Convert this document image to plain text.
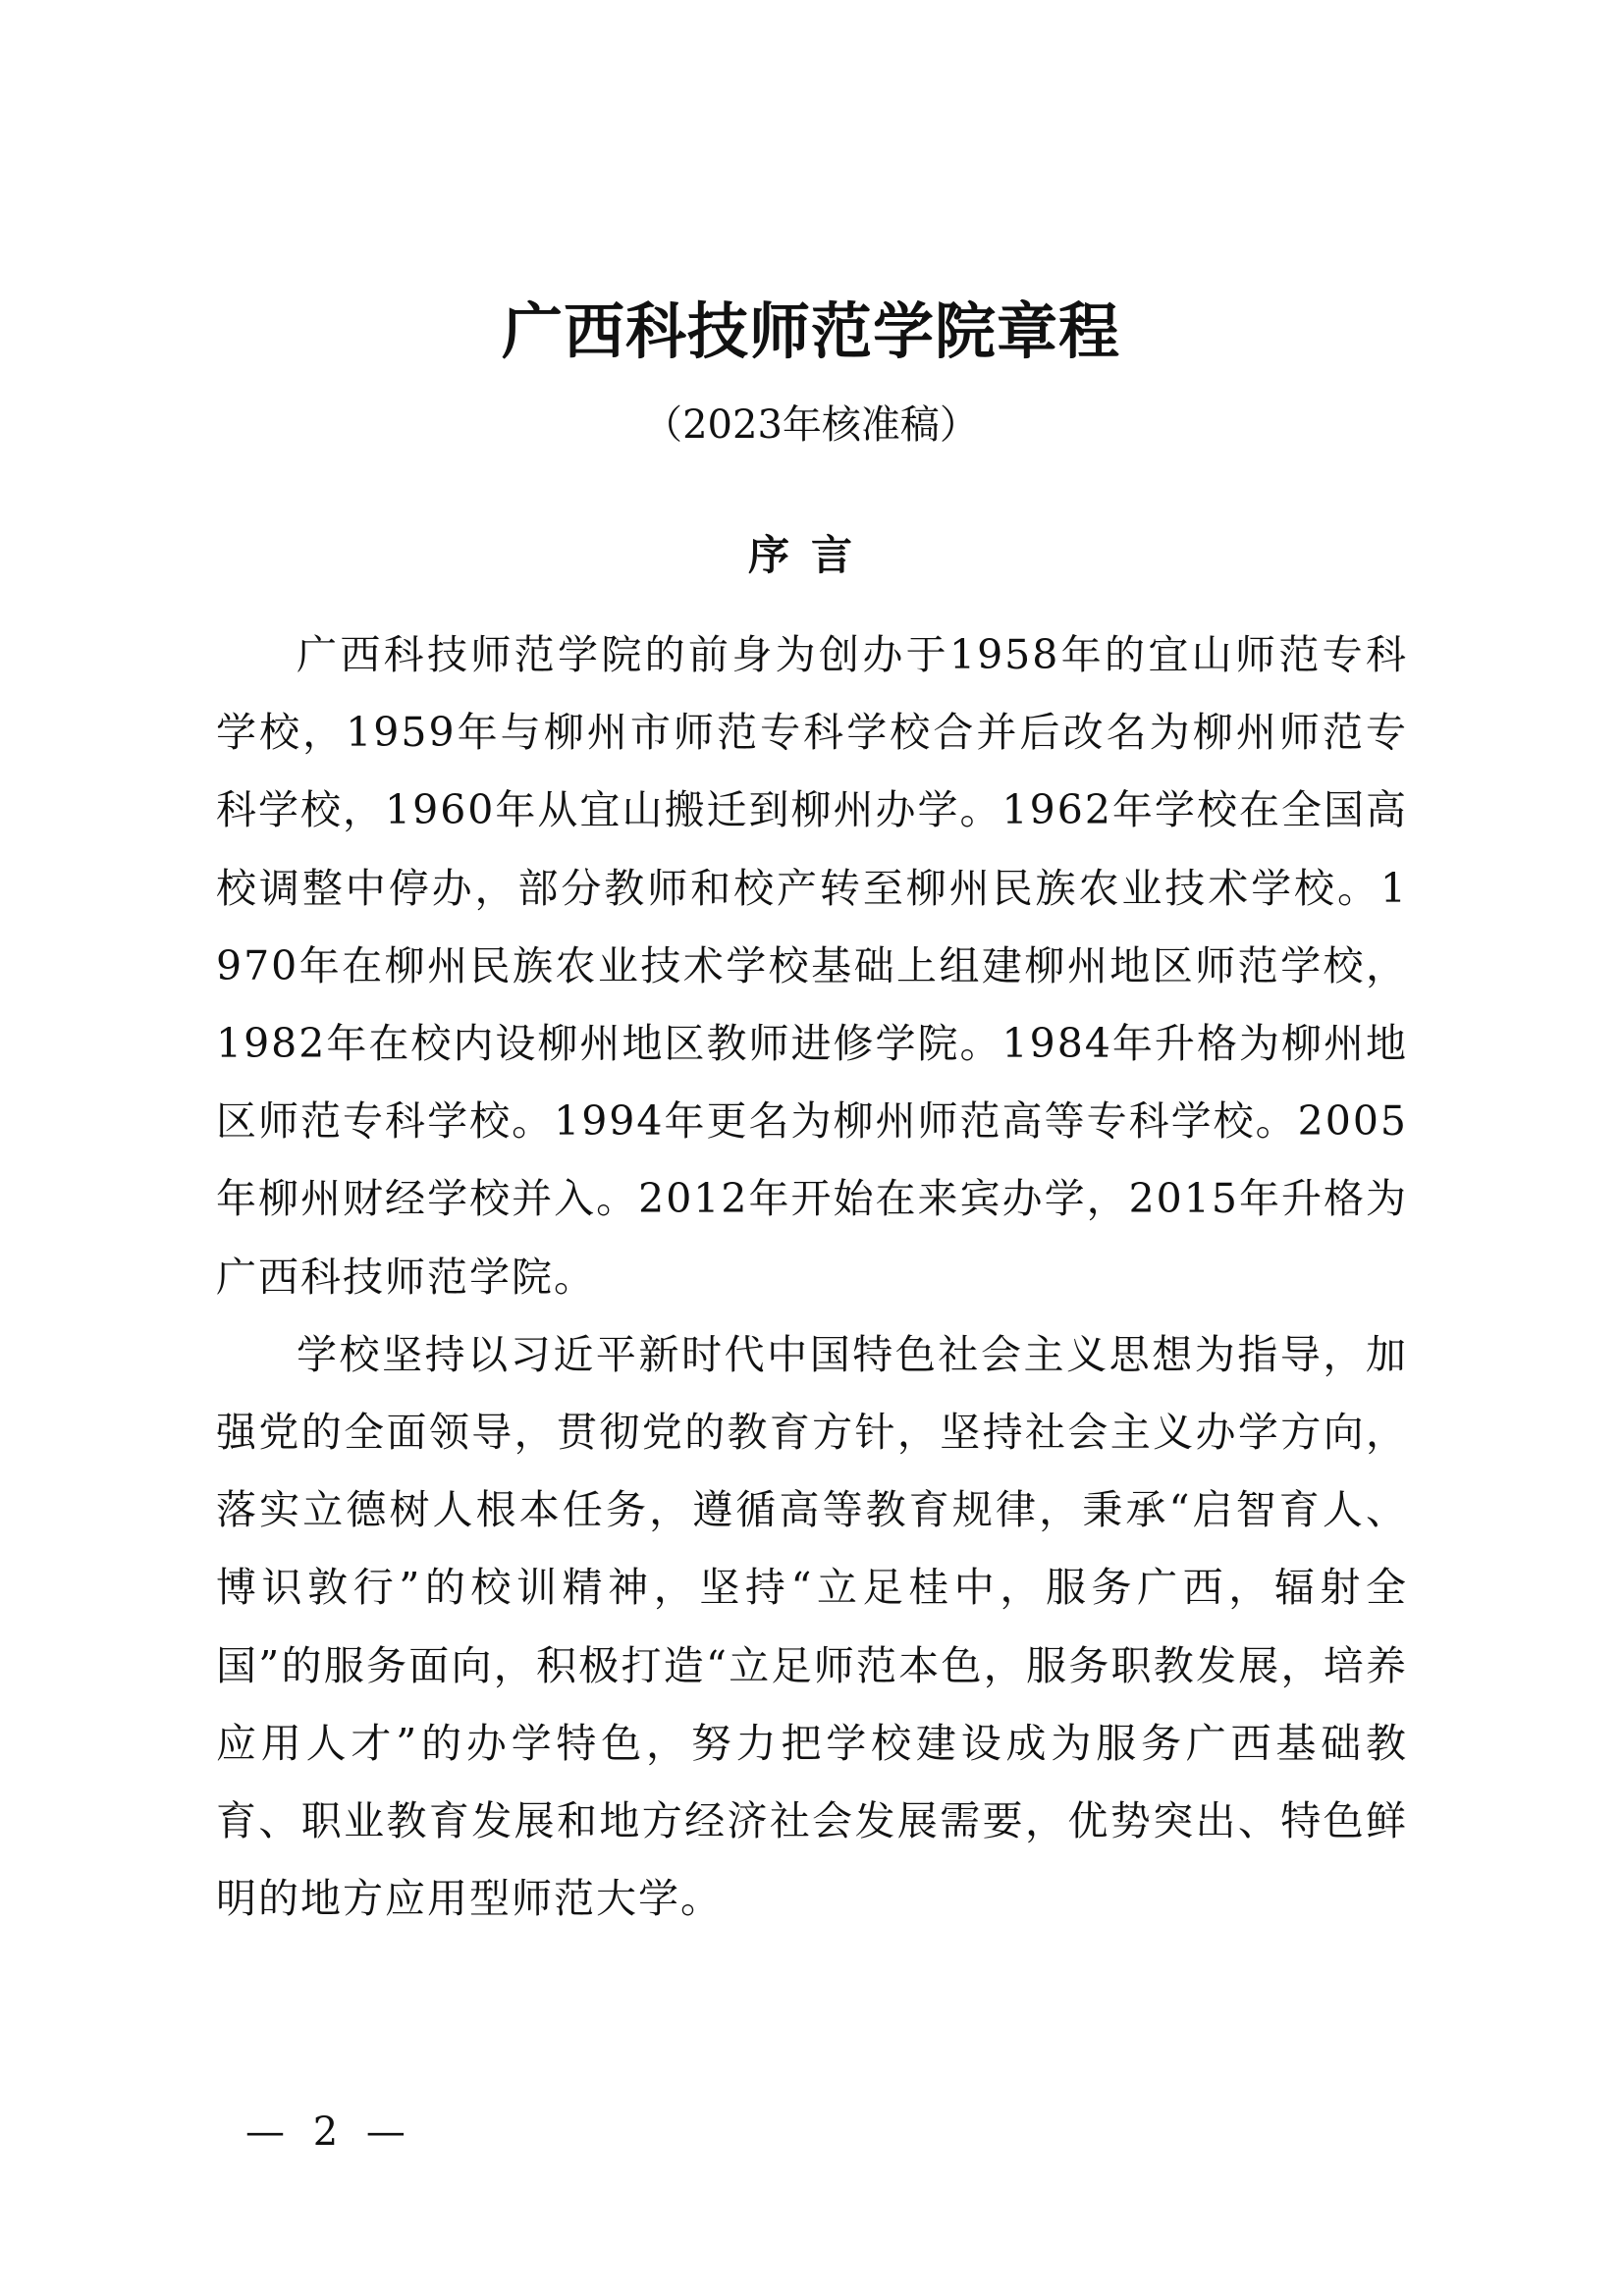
广西科技师范学院章程
（2023年核准稿）
序言

广西科技师范学院的前身为创办于1958年的宜山师范专科学校，1959年与柳州市师范专科学校合并后改名为柳州师范专科学校，1960年从宜山搬迁到柳州办学。1962年学校在全国高校调整中停办，部分教师和校产转至柳州民族农业技术学校。1970年在柳州民族农业技术学校基础上组建柳州地区师范学校，1982年在校内设柳州地区教师进修学院。1984年升格为柳州地区师范专科学校。1994年更名为柳州师范高等专科学校。2005年柳州财经学校并入。2012年开始在来宾办学，2015年升格为广西科技师范学院。

学校坚持以习近平新时代中国特色社会主义思想为指导，加强党的全面领导，贯彻党的教育方针，坚持社会主义办学方向，落实立德树人根本任务，遵循高等教育规律，秉承“启智育人、博识敦行”的校训精神，坚持“立足桂中，服务广西，辐射全国”的服务面向，积极打造“立足师范本色，服务职教发展，培养应用人才”的办学特色，努力把学校建设成为服务广西基础教育、职业教育发展和地方经济社会发展需要，优势突出、特色鲜明的地方应用型师范大学。

— 2 —
